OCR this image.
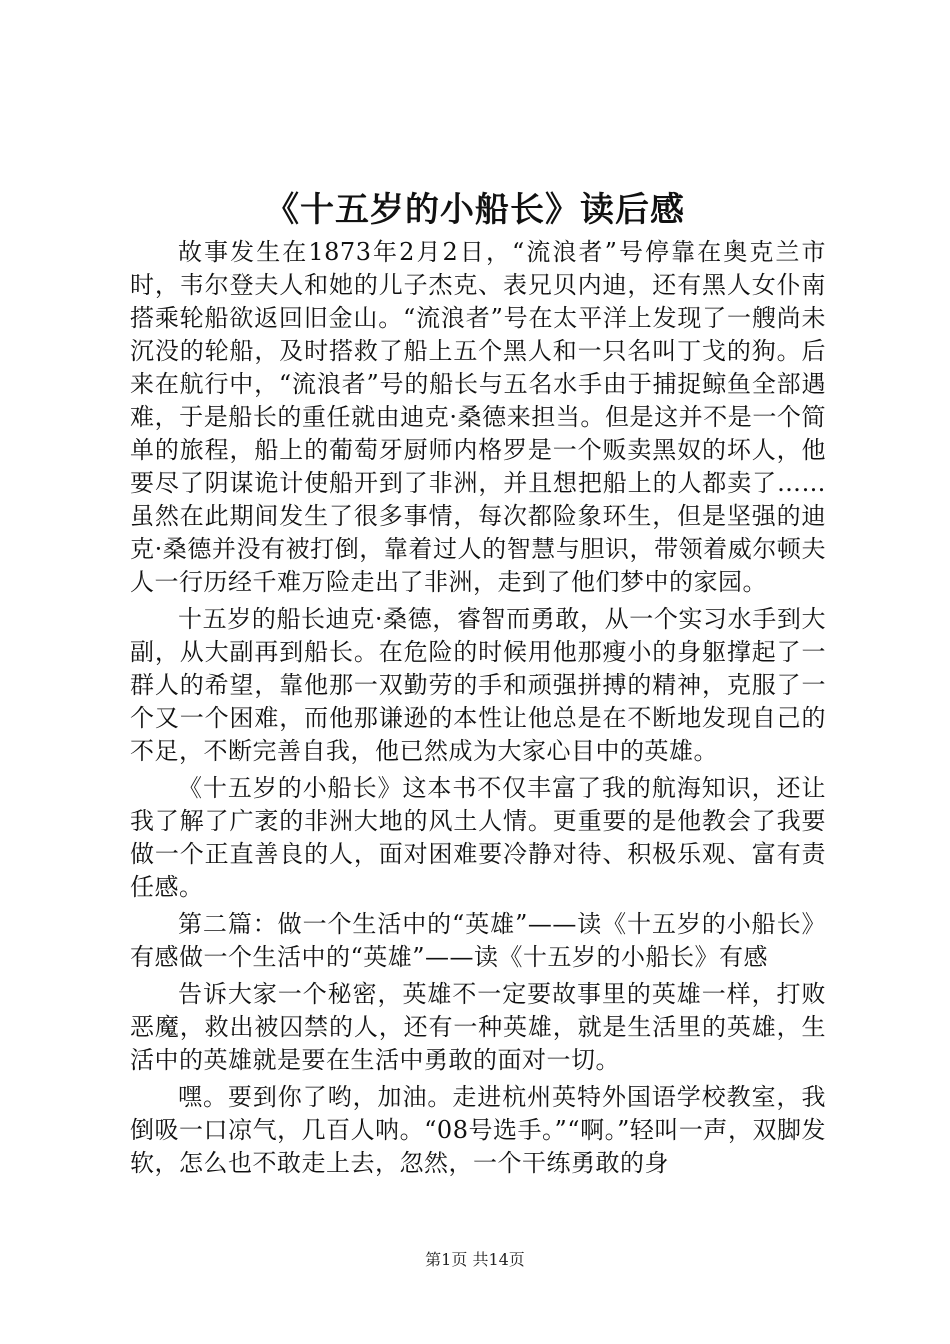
《十五岁的小船长》读后感

故事发生在1873年2月2日，“流浪者”号停靠在奥克兰市时，韦尔登夫人和她的儿子杰克、表兄贝内迪，还有黑人女仆南搭乘轮船欲返回旧金山。“流浪者”号在太平洋上发现了一艘尚未沉没的轮船，及时搭救了船上五个黑人和一只名叫丁戈的狗。后来在航行中，“流浪者”号的船长与五名水手由于捕捉鲸鱼全部遇难，于是船长的重任就由迪克·桑德来担当。但是这并不是一个简单的旅程，船上的葡萄牙厨师内格罗是一个贩卖黑奴的坏人，他要尽了阴谋诡计使船开到了非洲，并且想把船上的人都卖了……虽然在此期间发生了很多事情，每次都险象环生，但是坚强的迪克·桑德并没有被打倒，靠着过人的智慧与胆识，带领着威尔顿夫人一行历经千难万险走出了非洲，走到了他们梦中的家园。

十五岁的船长迪克·桑德，睿智而勇敢，从一个实习水手到大副，从大副再到船长。在危险的时候用他那瘦小的身躯撑起了一群人的希望，靠他那一双勤劳的手和顽强拼搏的精神，克服了一个又一个困难，而他那谦逊的本性让他总是在不断地发现自己的不足，不断完善自我，他已然成为大家心目中的英雄。

《十五岁的小船长》这本书不仅丰富了我的航海知识，还让我了解了广袤的非洲大地的风土人情。更重要的是他教会了我要做一个正直善良的人，面对困难要冷静对待、积极乐观、富有责任感。

第二篇：做一个生活中的“英雄”——读《十五岁的小船长》有感做一个生活中的“英雄”——读《十五岁的小船长》有感

告诉大家一个秘密，英雄不一定要故事里的英雄一样，打败恶魔，救出被囚禁的人，还有一种英雄，就是生活里的英雄，生活中的英雄就是要在生活中勇敢的面对一切。

嘿。要到你了哟，加油。走进杭州英特外国语学校教室，我倒吸一口凉气，几百人呐。“08号选手。”“啊。”轻叫一声，双脚发软，怎么也不敢走上去，忽然，一个干练勇敢的身

第1页 共14页
